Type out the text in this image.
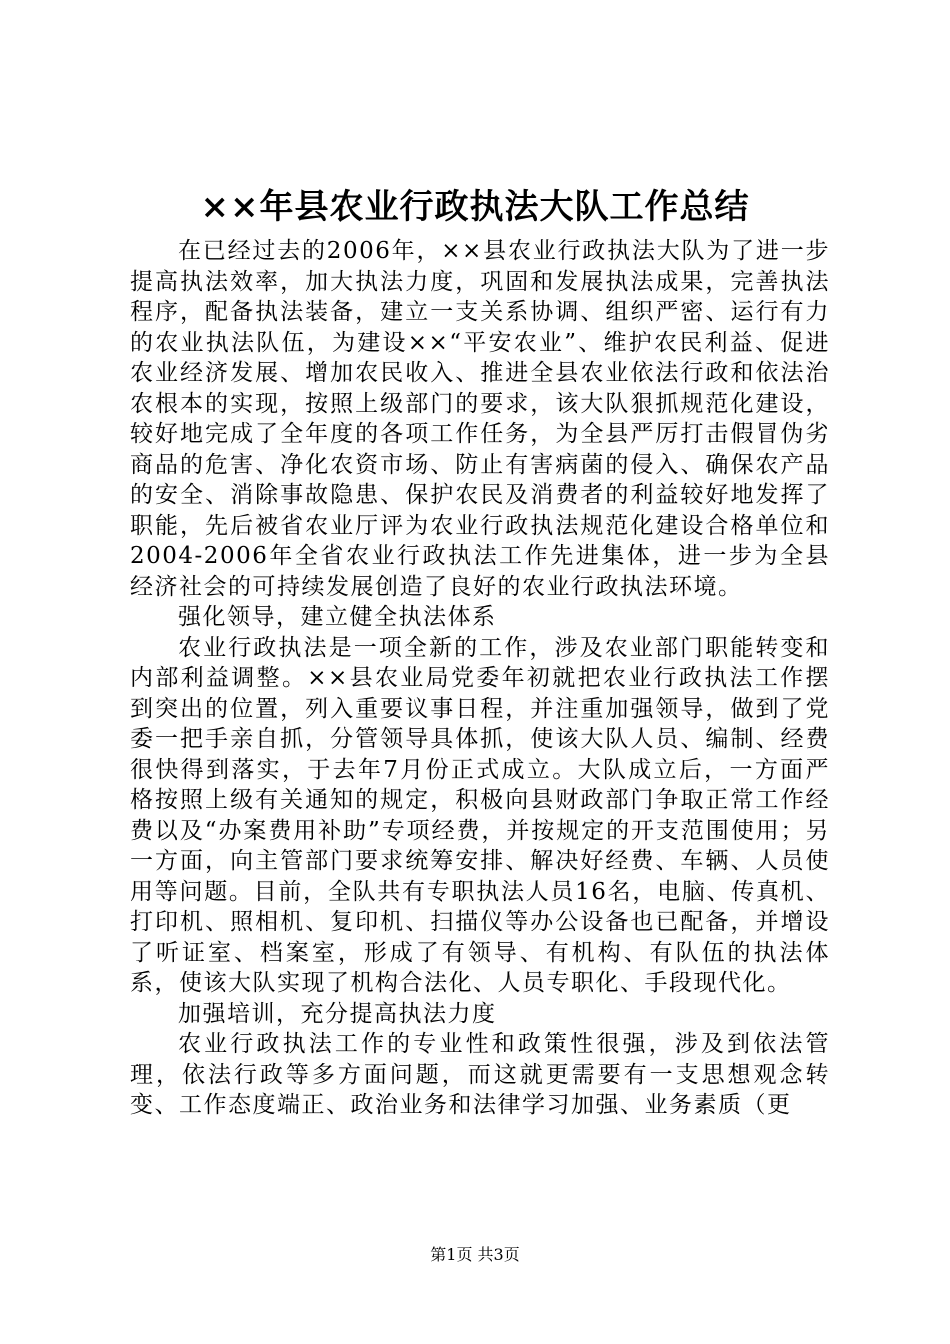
××年县农业行政执法大队工作总结

在已经过去的2006年，××县农业行政执法大队为了进一步提高执法效率，加大执法力度，巩固和发展执法成果，完善执法程序，配备执法装备，建立一支关系协调、组织严密、运行有力的农业执法队伍，为建设××“平安农业”、维护农民利益、促进农业经济发展、增加农民收入、推进全县农业依法行政和依法治农根本的实现，按照上级部门的要求，该大队狠抓规范化建设，较好地完成了全年度的各项工作任务，为全县严厉打击假冒伪劣商品的危害、净化农资市场、防止有害病菌的侵入、确保农产品的安全、消除事故隐患、保护农民及消费者的利益较好地发挥了职能，先后被省农业厅评为农业行政执法规范化建设合格单位和2004-2006年全省农业行政执法工作先进集体，进一步为全县经济社会的可持续发展创造了良好的农业行政执法环境。

强化领导，建立健全执法体系

农业行政执法是一项全新的工作，涉及农业部门职能转变和内部利益调整。××县农业局党委年初就把农业行政执法工作摆到突出的位置，列入重要议事日程，并注重加强领导，做到了党委一把手亲自抓，分管领导具体抓，使该大队人员、编制、经费很快得到落实，于去年7月份正式成立。大队成立后，一方面严格按照上级有关通知的规定，积极向县财政部门争取正常工作经费以及“办案费用补助”专项经费，并按规定的开支范围使用；另一方面，向主管部门要求统筹安排、解决好经费、车辆、人员使用等问题。目前，全队共有专职执法人员16名，电脑、传真机、打印机、照相机、复印机、扫描仪等办公设备也已配备，并增设了听证室、档案室，形成了有领导、有机构、有队伍的执法体系，使该大队实现了机构合法化、人员专职化、手段现代化。

加强培训，充分提高执法力度

农业行政执法工作的专业性和政策性很强，涉及到依法管理，依法行政等多方面问题，而这就更需要有一支思想观念转变、工作态度端正、政治业务和法律学习加强、业务素质（更

第1页 共3页
